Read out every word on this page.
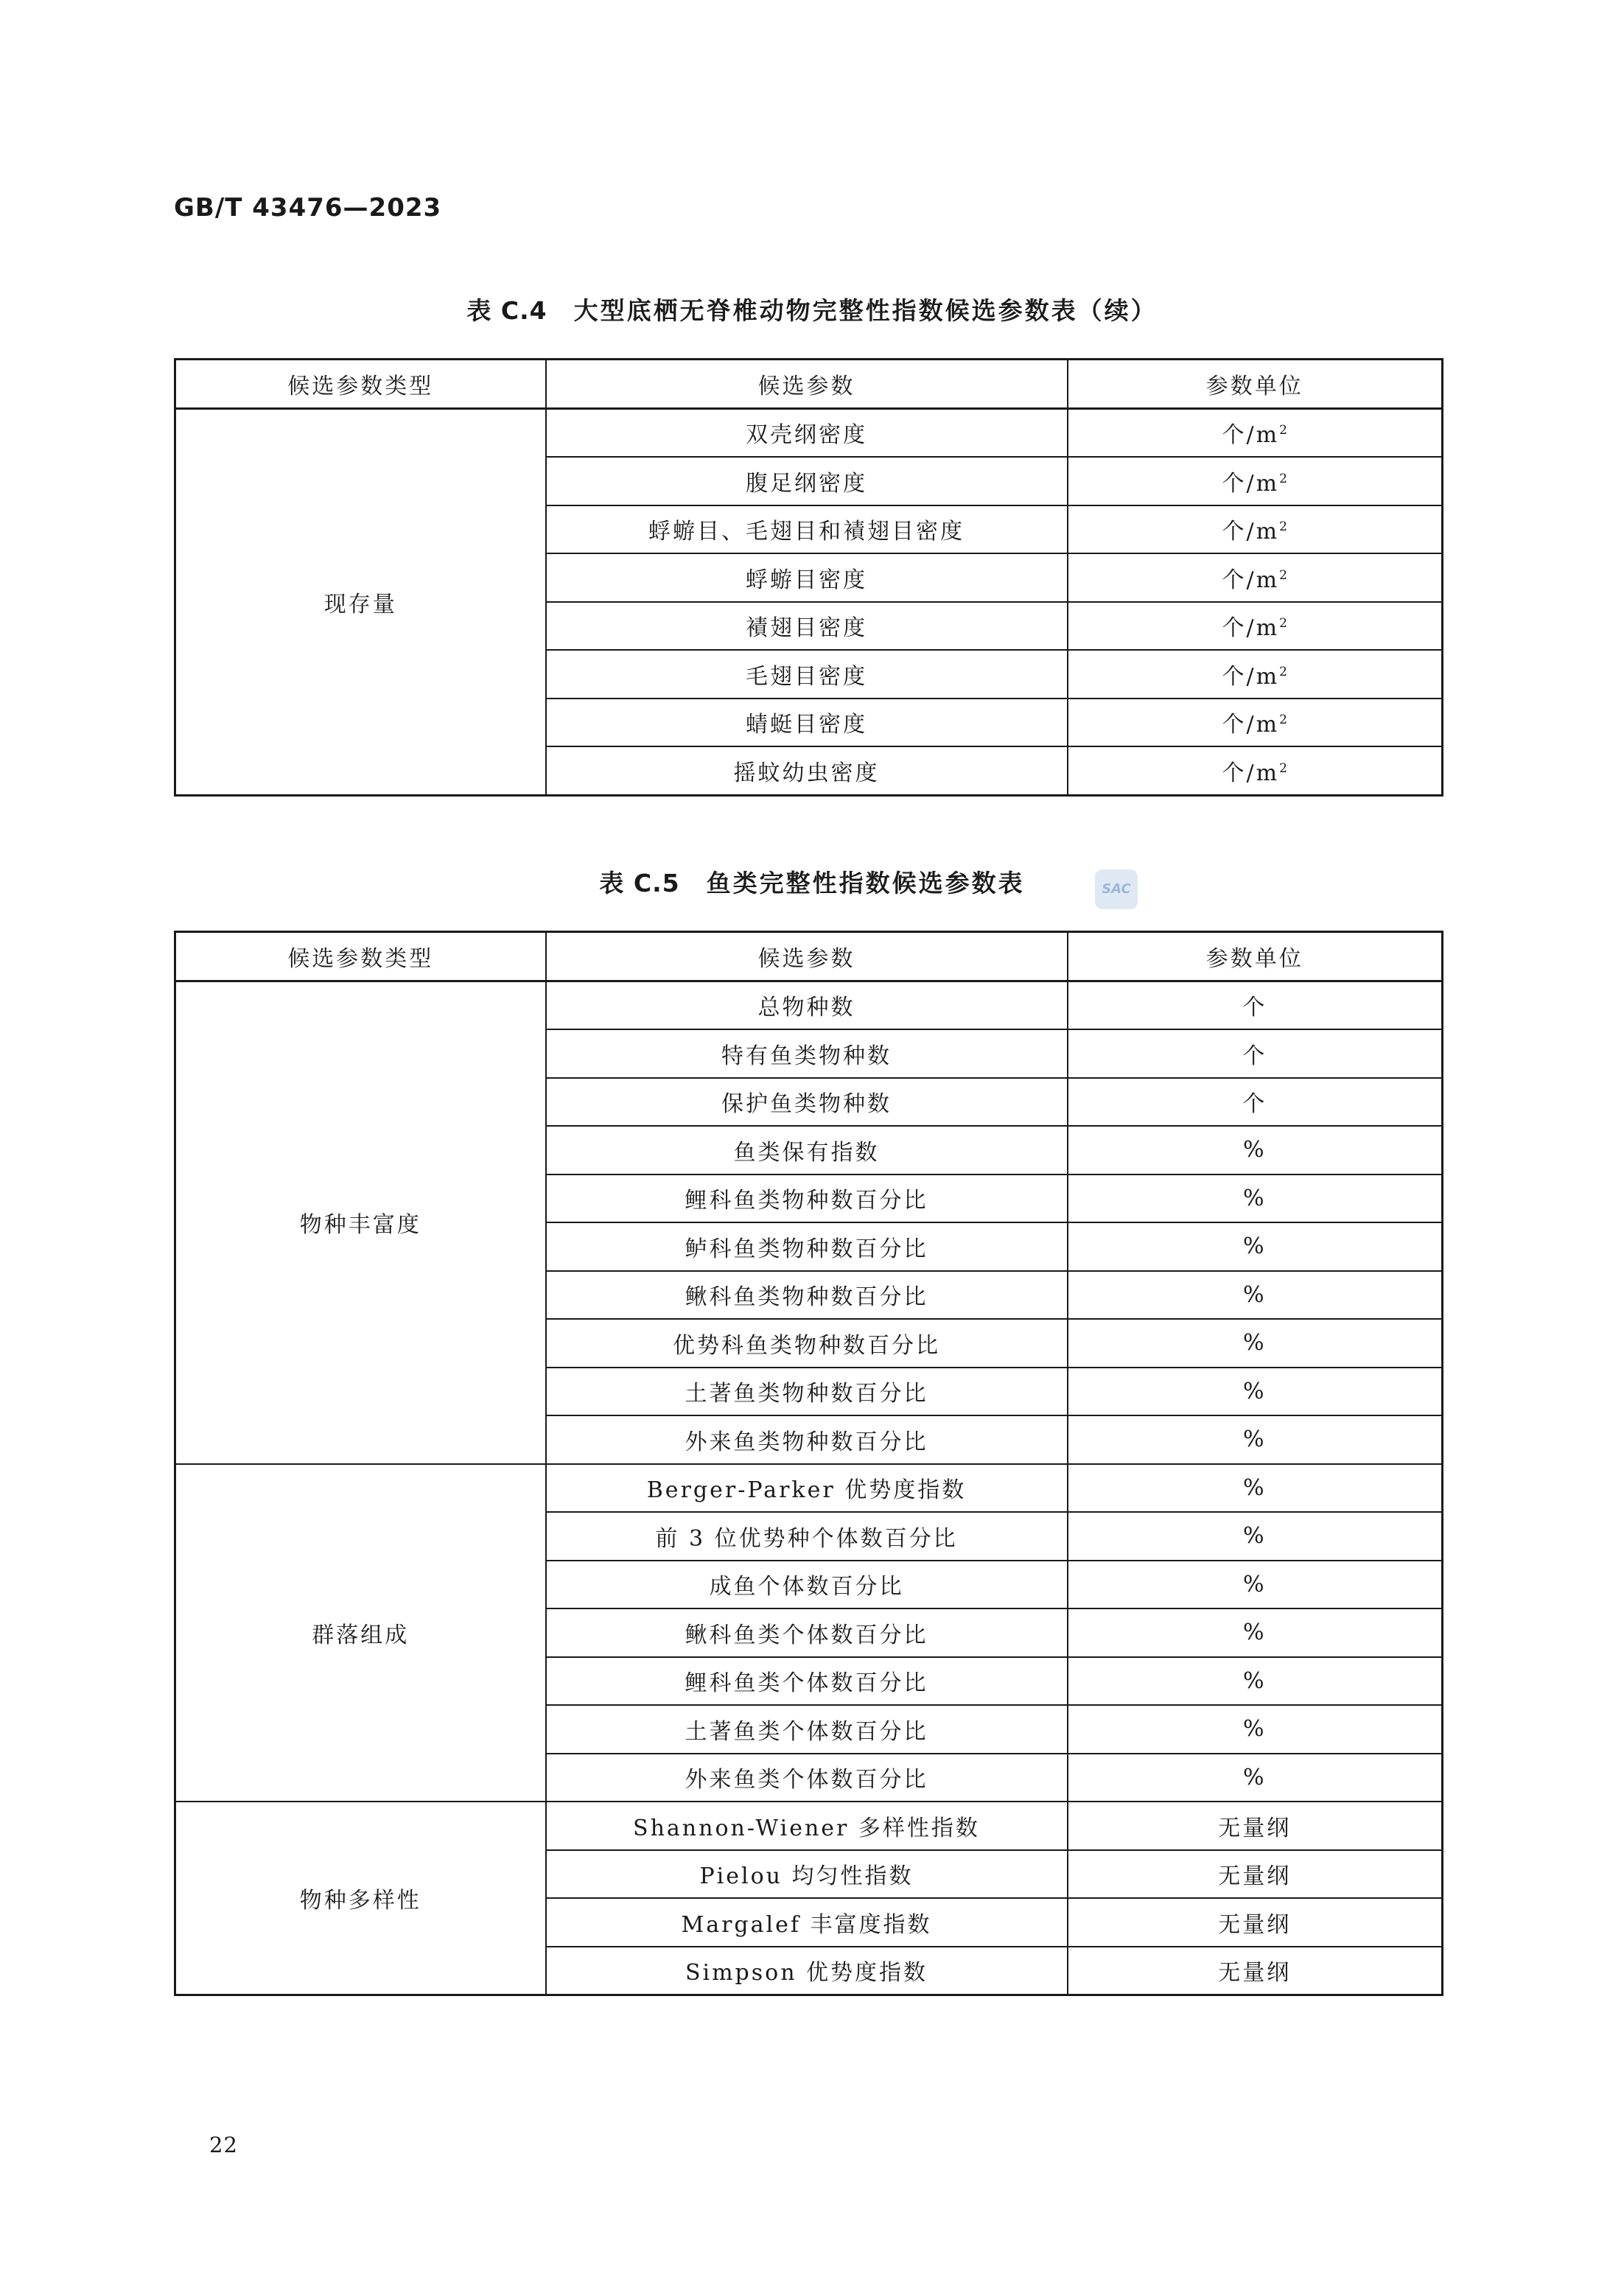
GB/T 43476—2023
表 C.4 大型底栖无脊椎动物完整性指数候选参数表（续）
候选参数类型	候选参数	参数单位
现存量	双壳纲密度	个$/m^2$
	腹足纲密度	个$/m^2$
	蜉蝣目、毛翅目和襀翅目密度	个$/m^2$
	蜉蝣目密度	个$/m^2$
	襀翅目密度	个$/m^2$
	毛翅目密度	个$/m^2$
	蜻蜓目密度	个$/m^2$
	摇蚊幼虫密度	个$/m^2$
表 C.5 鱼类完整性指数候选参数表	SAC
候选参数类型	候选参数	参数单位
物种丰富度	总物种数	个
	特有鱼类物种数	个
	保护鱼类物种数	个
	鱼类保有指数	%
	鲤科鱼类物种数百分比	%
	鲈科鱼类物种数百分比	%
	鳅科鱼类物种数百分比	%
	优势科鱼类物种数百分比	%
	土著鱼类物种数百分比	%
	外来鱼类物种数百分比	%
群落组成	Berger-Parker 优势度指数	%
	前 3 位优势种个体数百分比	%
	成鱼个体数百分比	%
	鳅科鱼类个体数百分比	%
	鲤科鱼类个体数百分比	%
	土著鱼类个体数百分比	%
	外来鱼类个体数百分比	%
物种多样性	Shannon-Wiener 多样性指数	无量纲
	Pielou 均匀性指数	无量纲
	Margalef 丰富度指数	无量纲
	Simpson 优势度指数	无量纲
22
